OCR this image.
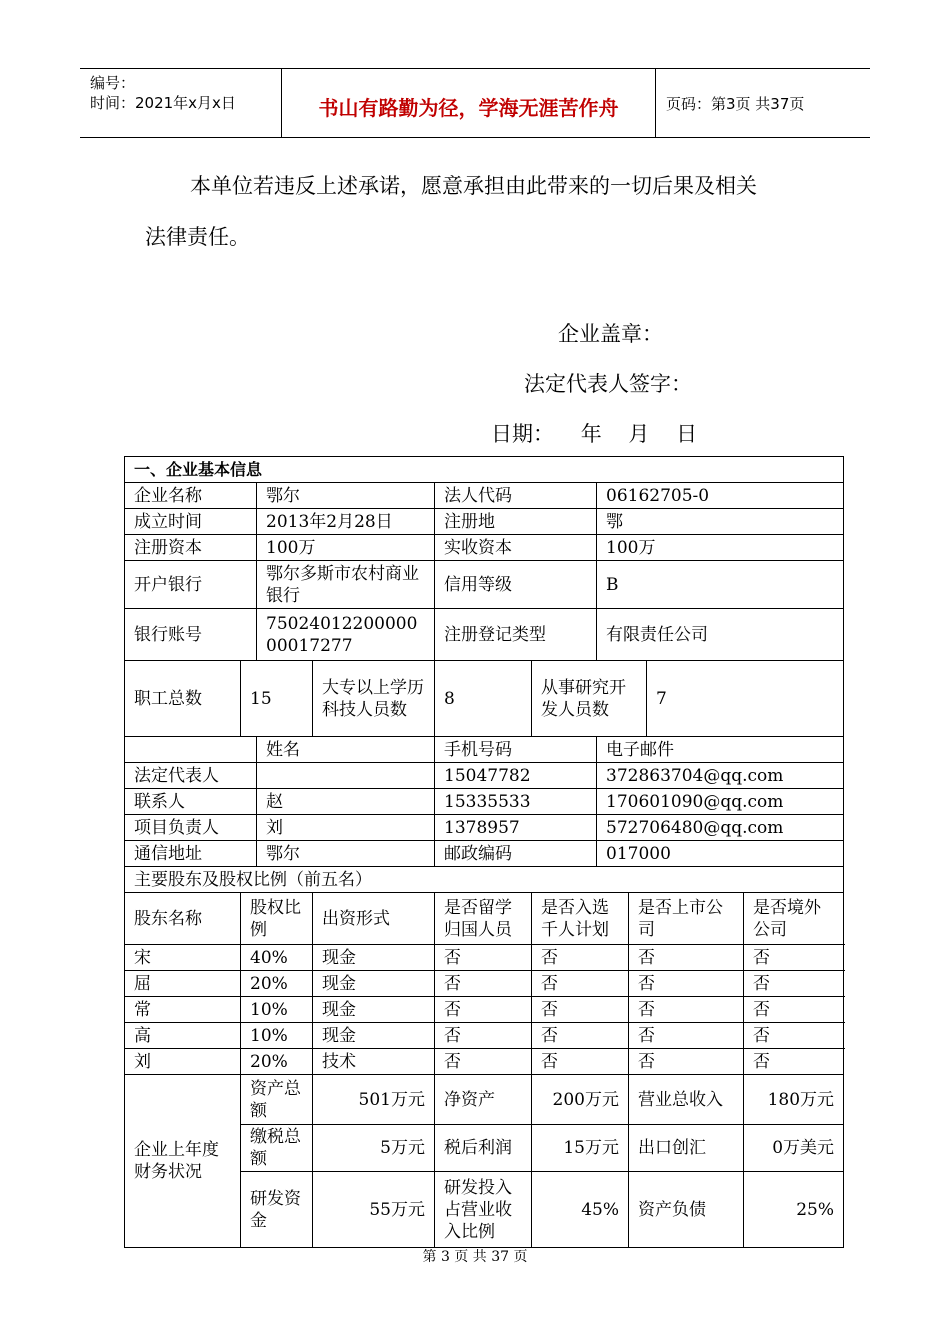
编号：
时间：2021年x月x日	书山有路勤为径，学海无涯苦作舟	页码：第3页 共37页
本单位若违反上述承诺，愿意承担由此带来的一切后果及相关
法律责任。
企业盖章：
法定代表人签字：
日期：    年    月    日
一、企业基本信息									
企业名称		鄂尔		法人代码		06162705-0			
成立时间		2013年2月28日		注册地		鄂			
注册资本		100万		实收资本		100万			
开户银行		鄂尔多斯市农村商业银行		信用等级		B			
银行账号		7502401220000000017277		注册登记类型		有限责任公司			
职工总数	15		大专以上学历科技人员数	8	从事研究开发人员数			7	
		姓名		手机号码		电子邮件			
法定代表人				15047782		372863704@qq.com			
联系人		赵		15335533		170601090@qq.com			
项目负责人		刘		1378957		572706480@qq.com			
通信地址		鄂尔		邮政编码		017000			
主要股东及股权比例（前五名）									
股东名称	股权比例		出资形式	是否留学归国人员	是否入选千人计划		是否上市公司		是否境外公司
宋	40%		现金	否	否		否		否
屈	20%		现金	否	否		否		否
常	10%		现金	否	否		否		否
高	10%		现金	否	否		否		否
刘	20%		技术	否	否		否		否
企业上年度财务状况	资产总额		501万元	净资产	200万元		营业总收入		180万元
	缴税总额		5万元	税后利润	15万元		出口创汇		0万美元
	研发资金		55万元	研发投入占营业收入比例	45%		资产负债		25%
第 3 页 共 37 页
